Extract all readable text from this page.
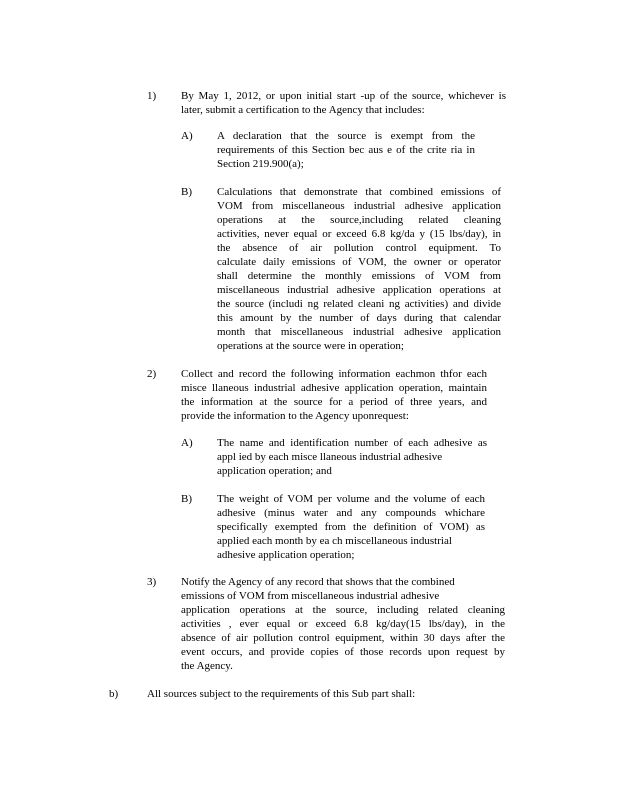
1)	By May 1, 2012, or upon initial start -up of the source, whichever is
later, submit a certification to the Agency that includes:
A)	A declaration that the source is exempt from the
requirements of this Section bec aus e of the crite ria in
Section 219.900(a);
B)	Calculations that demonstrate that combined emissions of
VOM from miscellaneous industrial adhesive application
operations at the source,including related cleaning
activities, never equal or exceed 6.8 kg/da y (15 lbs/day), in
the absence of air pollution control equipment. To
calculate daily emissions of VOM, the owner or operator
shall determine the monthly emissions of VOM from
miscellaneous industrial adhesive application operations at
the source (includi ng related cleani ng activities) and divide
this amount by the number of days during that calendar
month that miscellaneous industrial adhesive application
operations at the source were in operation;
2)	Collect and record the following information eachmon thfor each
misce llaneous industrial adhesive application operation, maintain
the information at the source for a period of three years, and
provide the information to the Agency uponrequest:
A)	The name and identification number of each adhesive as
appl ied by each misce llaneous industrial adhesive
application operation; and
B)	The weight of VOM per volume and the volume of each
adhesive (minus water and any compounds whichare
specifically exempted from the definition of VOM) as
applied each month by ea ch miscellaneous industrial
adhesive application operation;
3)	Notify the Agency of any record that shows that the combined
emissions of VOM from miscellaneous industrial adhesive
application operations at the source, including related cleaning
activities , ever equal or exceed 6.8 kg/day(15 lbs/day), in the
absence of air pollution control equipment, within 30 days after the
event occurs, and provide copies of those records upon request by
the Agency.
b)	All sources subject to the requirements of this Sub part shall:
